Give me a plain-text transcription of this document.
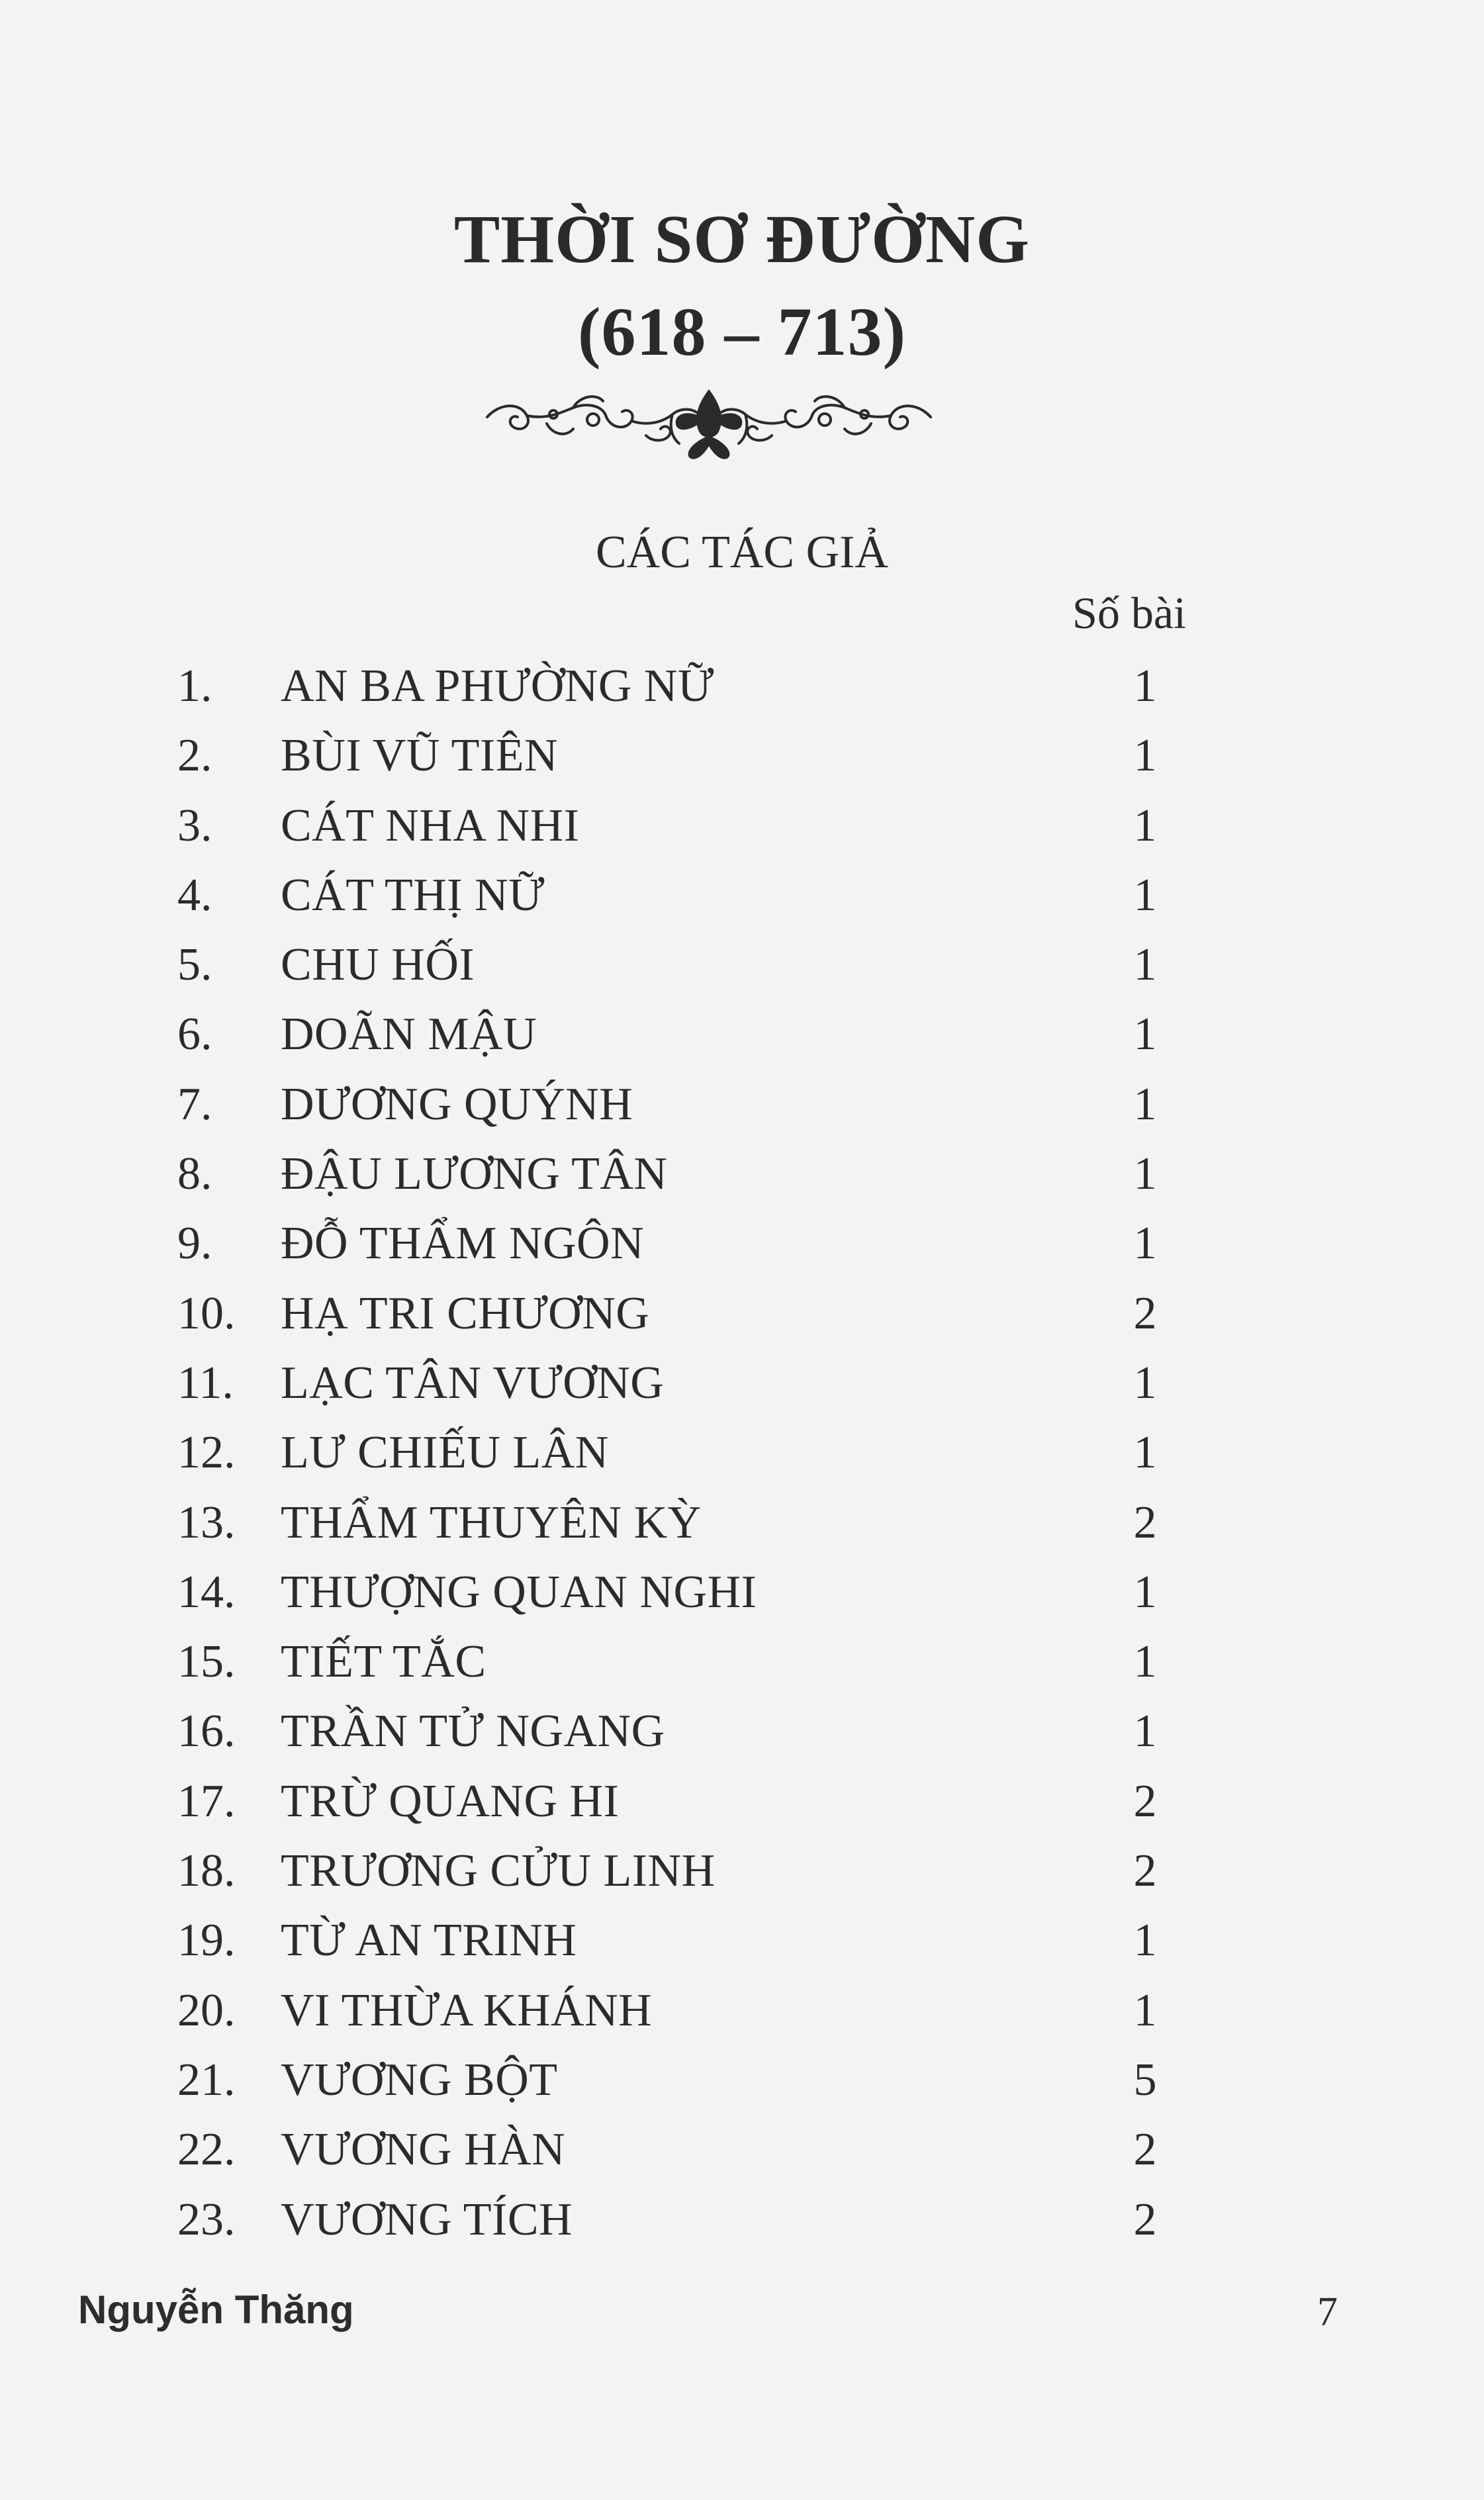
THỜI SƠ ĐƯỜNG
(618 – 713)
CÁC TÁC GIẢ
Số bài
1.	AN BA PHƯỜNG NỮ	1
2.	BÙI VŨ TIÊN	1
3.	CÁT NHA NHI	1
4.	CÁT THỊ NỮ	1
5.	CHU HỐI	1
6.	DOÃN MẬU	1
7.	DƯƠNG QUÝNH	1
8.	ĐẬU LƯƠNG TÂN	1
9.	ĐỖ THẨM NGÔN	1
10. HẠ TRI CHƯƠNG	2
11.	LẠC TÂN VƯƠNG	1
12. LƯ CHIẾU LÂN	1
13. THẨM THUYÊN KỲ	2
14. THƯỢNG QUAN NGHI	1
15. TIẾT TẮC	1
16. TRẦN TỬ NGANG	1
17. TRỪ QUANG HI	2
18. TRƯƠNG CỬU LINH	2
19. TỪ AN TRINH	1
20. VI THỪA KHÁNH	1
21. VƯƠNG BỘT	5
22. VƯƠNG HÀN	2
23. VƯƠNG TÍCH	2
Nguyễn Thăng	7
